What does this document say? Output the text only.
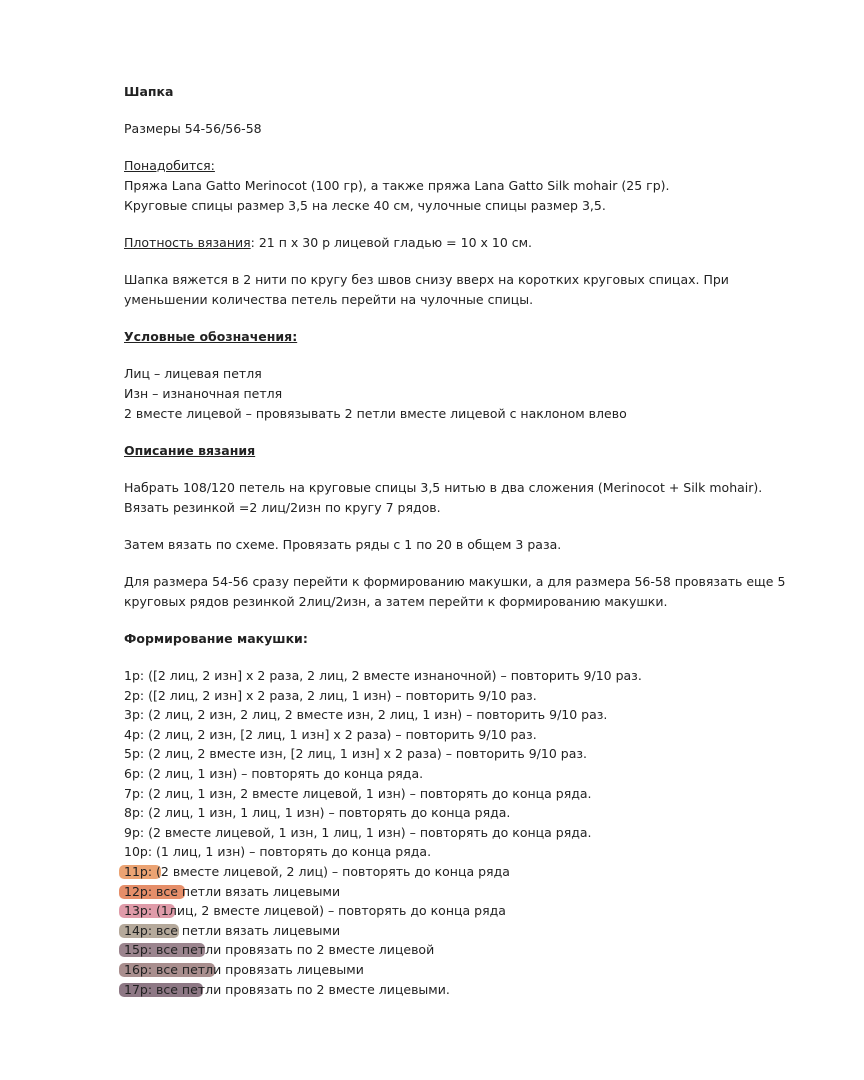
Шапка

Размеры 54-56/56-58

Понадобится:

Пряжа Lana Gatto Merinocot (100 гр), а также пряжа Lana Gatto Silk mohair (25 гр).

Круговые спицы размер 3,5 на леске 40 см, чулочные спицы размер 3,5.

Плотность вязания: 21 п х 30 р лицевой гладью = 10 х 10 см.

Шапка вяжется в 2 нити по кругу без швов снизу вверх на коротких круговых спицах. При

уменьшении количества петель перейти на чулочные спицы.

Условные обозначения:

Лиц – лицевая петля

Изн – изнаночная петля

2 вместе лицевой – провязывать 2 петли вместе лицевой с наклоном влево

Описание вязания

Набрать 108/120 петель на круговые спицы 3,5 нитью в два сложения (Merinocot + Silk mohair).

Вязать резинкой =2 лиц/2изн по кругу 7 рядов.

Затем вязать по схеме. Провязать ряды с 1 по 20 в общем 3 раза.

Для размера 54-56 сразу перейти к формированию макушки, а для размера 56-58 провязать еще 5

круговых рядов резинкой 2лиц/2изн, а затем перейти к формированию макушки.

Формирование макушки:

1р: ([2 лиц, 2 изн] х 2 раза, 2 лиц, 2 вместе изнаночной) – повторить 9/10 раз.

2р: ([2 лиц, 2 изн] х 2 раза, 2 лиц, 1 изн) – повторить 9/10 раз.

3р: (2 лиц, 2 изн, 2 лиц, 2 вместе изн, 2 лиц, 1 изн) – повторить 9/10 раз.

4р: (2 лиц, 2 изн, [2 лиц, 1 изн] х 2 раза) – повторить 9/10 раз.

5р: (2 лиц, 2 вместе изн, [2 лиц, 1 изн] х 2 раза) – повторить 9/10 раз.

6р: (2 лиц, 1 изн) – повторять до конца ряда.

7р: (2 лиц, 1 изн, 2 вместе лицевой, 1 изн) – повторять до конца ряда.

8р: (2 лиц, 1 изн, 1 лиц, 1 изн) – повторять до конца ряда.

9р: (2 вместе лицевой, 1 изн, 1 лиц, 1 изн) – повторять до конца ряда.

10р: (1 лиц, 1 изн) – повторять до конца ряда.

11р: (2 вместе лицевой, 2 лиц) – повторять до конца ряда

12р: все петли вязать лицевыми

13р: (1лиц, 2 вместе лицевой) – повторять до конца ряда

14р: все петли вязать лицевыми

15р: все петли провязать по 2 вместе лицевой

16р: все петли провязать лицевыми

17р: все петли провязать по 2 вместе лицевыми.
